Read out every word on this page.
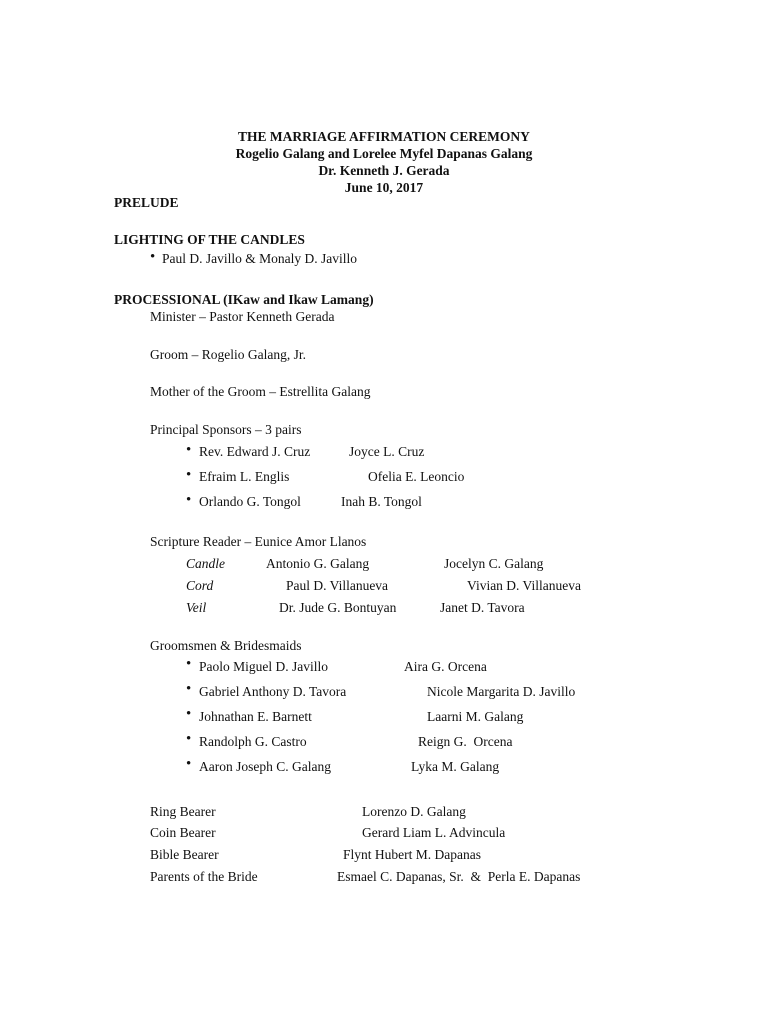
THE MARRIAGE AFFIRMATION CEREMONY
Rogelio Galang and Lorelee Myfel Dapanas Galang
Dr. Kenneth J. Gerada
June 10, 2017
PRELUDE
LIGHTING OF THE CANDLES
• Paul D. Javillo & Monaly D. Javillo
PROCESSIONAL (IKaw and Ikaw Lamang)
Minister – Pastor Kenneth Gerada
Groom – Rogelio Galang, Jr.
Mother of the Groom – Estrellita Galang
Principal Sponsors – 3 pairs
• Rev. Edward J. Cruz	Joyce L. Cruz
• Efraim L. Englis	Ofelia E. Leoncio
• Orlando G. Tongol	Inah B. Tongol
Scripture Reader – Eunice Amor Llanos
Candle	Antonio G. Galang	Jocelyn C. Galang
Cord	Paul D. Villanueva	Vivian D. Villanueva
Veil	Dr. Jude G. Bontuyan	Janet D. Tavora
Groomsmen & Bridesmaids
• Paolo Miguel D. Javillo	Aira G. Orcena
• Gabriel Anthony D. Tavora	Nicole Margarita D. Javillo
• Johnathan E. Barnett	Laarni M. Galang
• Randolph G. Castro	Reign G.  Orcena
• Aaron Joseph C. Galang	Lyka M. Galang
Ring Bearer	Lorenzo D. Galang
Coin Bearer	Gerard Liam L. Advincula
Bible Bearer	Flynt Hubert M. Dapanas
Parents of the Bride	Esmael C. Dapanas, Sr.  &  Perla E. Dapanas
